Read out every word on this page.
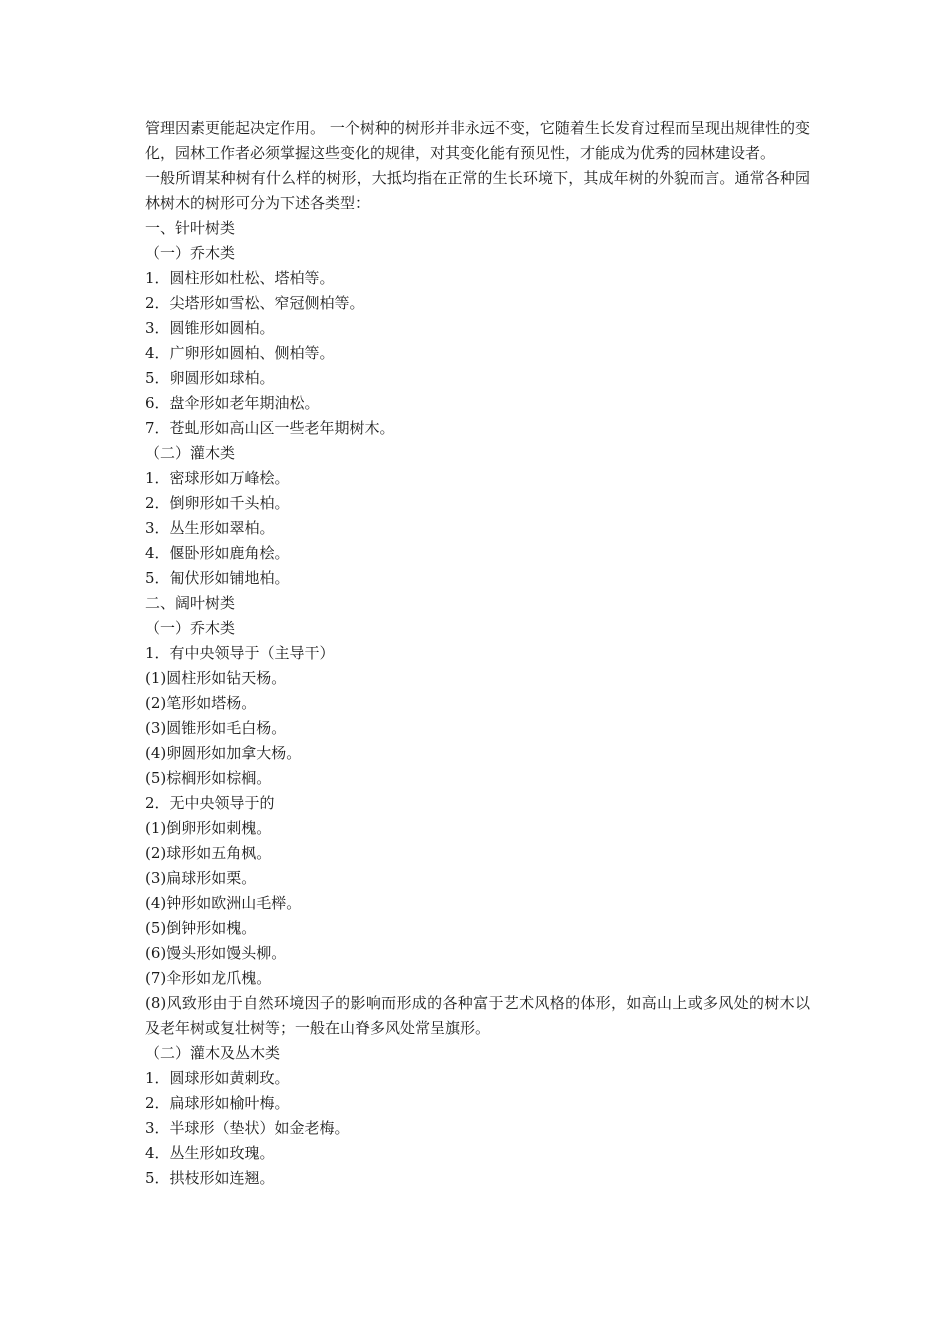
管理因素更能起决定作用。 一个树种的树形并非永远不变，它随着生长发育过程而呈现出规律性的变化，园林工作者必须掌握这些变化的规律，对其变化能有预见性，才能成为优秀的园林建设者。
一般所谓某种树有什么样的树形，大抵均指在正常的生长环境下，其成年树的外貌而言。通常各种园林树木的树形可分为下述各类型：
一、针叶树类
（一）乔木类
1．圆柱形如杜松、塔柏等。
2．尖塔形如雪松、窄冠侧柏等。
3．圆锥形如圆柏。
4．广卵形如圆柏、侧柏等。
5．卵圆形如球柏。
6．盘伞形如老年期油松。
7．苍虬形如高山区一些老年期树木。
（二）灌木类
1．密球形如万峰桧。
2．倒卵形如千头柏。
3．丛生形如翠柏。
4．偃卧形如鹿角桧。
5．匍伏形如铺地柏。
二、阔叶树类
（一）乔木类
1．有中央领导于（主导干）
(1)圆柱形如钻天杨。
(2)笔形如塔杨。
(3)圆锥形如毛白杨。
(4)卵圆形如加拿大杨。
(5)棕榈形如棕榈。
2．无中央领导于的
(1)倒卵形如刺槐。
(2)球形如五角枫。
(3)扁球形如栗。
(4)钟形如欧洲山毛榉。
(5)倒钟形如槐。
(6)馒头形如馒头柳。
(7)伞形如龙爪槐。
(8)风致形由于自然环境因子的影响而形成的各种富于艺术风格的体形，如高山上或多风处的树木以及老年树或复壮树等；一般在山脊多风处常呈旗形。
（二）灌木及丛木类
1．圆球形如黄刺玫。
2．扁球形如榆叶梅。
3．半球形（垫状）如金老梅。
4．丛生形如玫瑰。
5．拱枝形如连翘。
